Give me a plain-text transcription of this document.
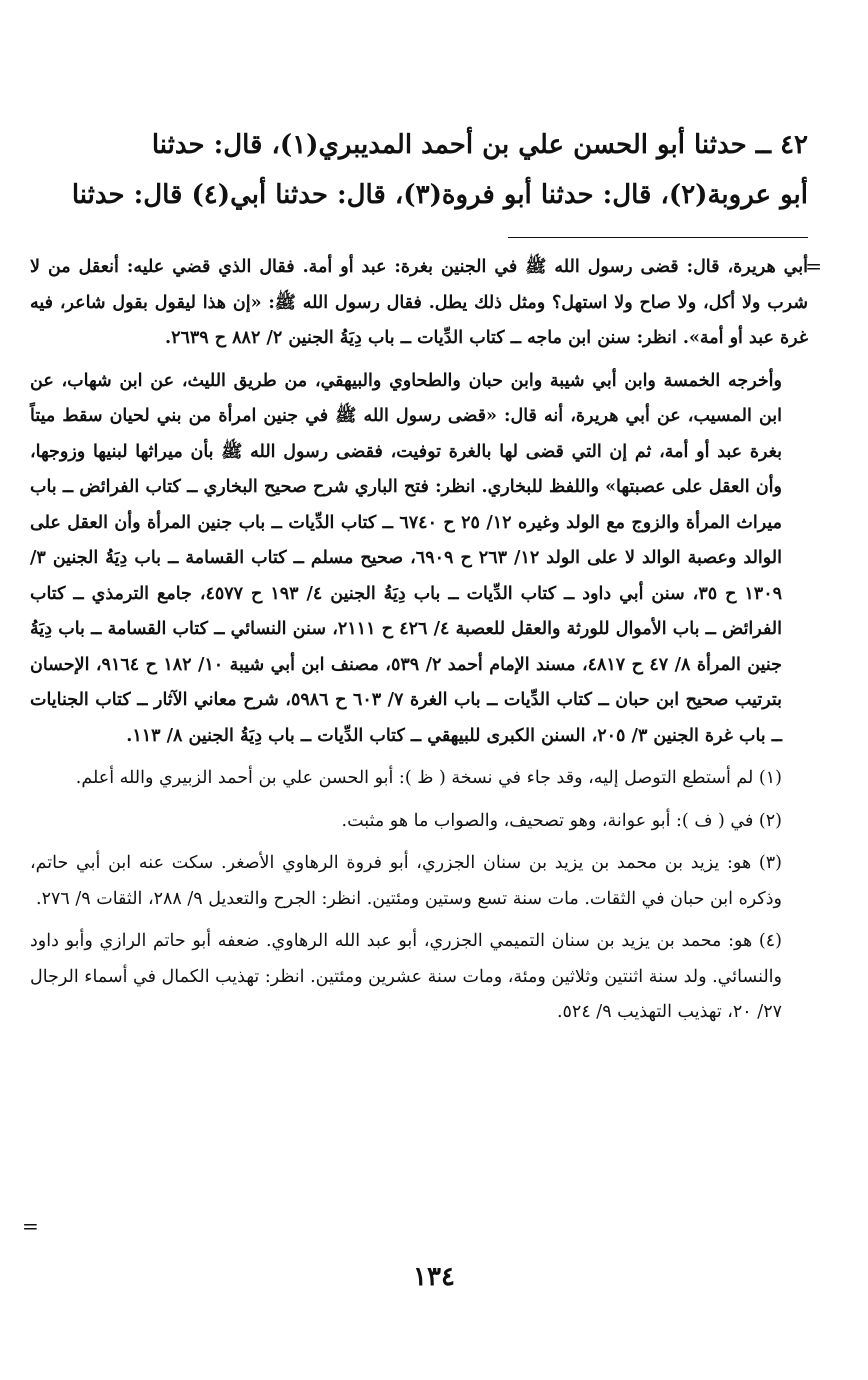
٤٢ ــ حدثنا أبو الحسن علي بن أحمد المديبري(١)، قال: حدثنا

أبو عروبة(٢)، قال: حدثنا أبو فروة(٣)، قال: حدثنا أبي(٤) قال: حدثنا

=

أبي هريرة، قال: قضى رسول الله ﷺ في الجنين بغرة: عبد أو أمة. فقال الذي قضي عليه: أنعقل من لا شرب ولا أكل، ولا صاح ولا استهل؟ ومثل ذلك يطل. فقال رسول الله ﷺ: «إن هذا ليقول بقول شاعر، فيه غرة عبد أو أمة». انظر: سنن ابن ماجه ــ كتاب الدِّيات ــ باب دِيَةُ الجنين ٢/ ٨٨٢ ح ٢٦٣٩.

وأخرجه الخمسة وابن أبي شيبة وابن حبان والطحاوي والبيهقي، من طريق الليث، عن ابن شهاب، عن ابن المسيب، عن أبي هريرة، أنه قال: «قضى رسول الله ﷺ في جنين امرأة من بني لحيان سقط ميتاً بغرة عبد أو أمة، ثم إن التي قضى لها بالغرة توفيت، فقضى رسول الله ﷺ بأن ميراثها لبنيها وزوجها، وأن العقل على عصبتها» واللفظ للبخاري. انظر: فتح الباري شرح صحيح البخاري ــ كتاب الفرائض ــ باب ميراث المرأة والزوج مع الولد وغيره ١٢/ ٢٥ ح ٦٧٤٠ ــ كتاب الدِّيات ــ باب جنين المرأة وأن العقل على الوالد وعصبة الوالد لا على الولد ١٢/ ٢٦٣ ح ٦٩٠٩، صحيح مسلم ــ كتاب القسامة ــ باب دِيَةُ الجنين ٣/ ١٣٠٩ ح ٣٥، سنن أبي داود ــ كتاب الدِّيات ــ باب دِيَةُ الجنين ٤/ ١٩٣ ح ٤٥٧٧، جامع الترمذي ــ كتاب الفرائض ــ باب الأموال للورثة والعقل للعصبة ٤/ ٤٢٦ ح ٢١١١، سنن النسائي ــ كتاب القسامة ــ باب دِيَةُ جنين المرأة ٨/ ٤٧ ح ٤٨١٧، مسند الإمام أحمد ٢/ ٥٣٩، مصنف ابن أبي شيبة ١٠/ ١٨٢ ح ٩١٦٤، الإحسان بترتيب صحيح ابن حبان ــ كتاب الدِّيات ــ باب الغرة ٧/ ٦٠٣ ح ٥٩٨٦، شرح معاني الآثار ــ كتاب الجنايات ــ باب غرة الجنين ٣/ ٢٠٥، السنن الكبرى للبيهقي ــ كتاب الدِّيات ــ باب دِيَةُ الجنين ٨/ ١١٣.

(١) لم أستطع التوصل إليه، وقد جاء في نسخة ( ظ ): أبو الحسن علي بن أحمد الزبيري والله أعلم.

(٢) في ( ف ): أبو عوانة، وهو تصحيف، والصواب ما هو مثبت.

(٣) هو: يزيد بن محمد بن يزيد بن سنان الجزري، أبو فروة الرهاوي الأصغر. سكت عنه ابن أبي حاتم، وذكره ابن حبان في الثقات. مات سنة تسع وستين ومئتين. انظر: الجرح والتعديل ٩/ ٢٨٨، الثقات ٩/ ٢٧٦.

(٤) هو: محمد بن يزيد بن سنان التميمي الجزري، أبو عبد الله الرهاوي. ضعفه أبو حاتم الرازي وأبو داود والنسائي. ولد سنة اثنتين وثلاثين ومئة، ومات سنة عشرين ومئتين. انظر: تهذيب الكمال في أسماء الرجال ٢٧/ ٢٠، تهذيب التهذيب ٩/ ٥٢٤.

=
١٣٤
